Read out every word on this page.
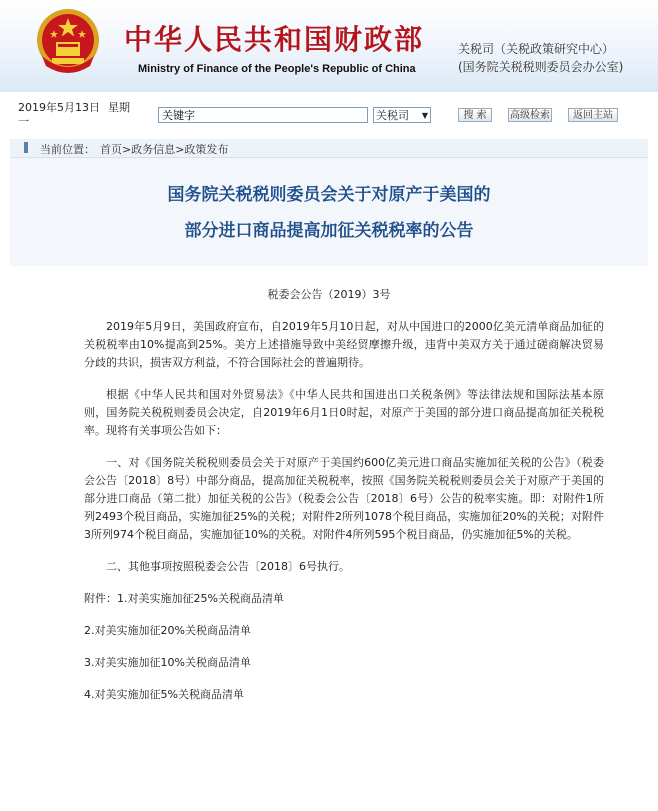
中华人民共和国财政部
Ministry of Finance of the People's Republic of China
关税司（关税政策研究中心）
(国务院关税税则委员会办公室)
2019年5月13日 星期
一
关键字	关税司 ▼	搜 索	高级检索	返回主站
当前位置： 首页>政务信息>政策发布
国务院关税税则委员会关于对原产于美国的
部分进口商品提高加征关税税率的公告
税委会公告（2019）3号

2019年5月9日，美国政府宣布，自2019年5月10日起，对从中国进口的2000亿美元清单商品加征的关税税率由10%提高到25%。美方上述措施导致中美经贸摩擦升级，违背中美双方关于通过磋商解决贸易分歧的共识，损害双方利益，不符合国际社会的普遍期待。

根据《中华人民共和国对外贸易法》《中华人民共和国进出口关税条例》等法律法规和国际法基本原则，国务院关税税则委员会决定，自2019年6月1日0时起，对原产于美国的部分进口商品提高加征关税税率。现将有关事项公告如下：

一、对《国务院关税税则委员会关于对原产于美国约600亿美元进口商品实施加征关税的公告》（税委会公告〔2018〕8号）中部分商品，提高加征关税税率，按照《国务院关税税则委员会关于对原产于美国的部分进口商品（第二批）加征关税的公告》（税委会公告〔2018〕6号）公告的税率实施。即：对附件1所列2493个税目商品，实施加征25%的关税；对附件2所列1078个税目商品，实施加征20%的关税；对附件3所列974个税目商品，实施加征10%的关税。对附件4所列595个税目商品，仍实施加征5%的关税。

二、其他事项按照税委会公告〔2018〕6号执行。

附件：1.对美实施加征25%关税商品清单

2.对美实施加征20%关税商品清单

3.对美实施加征10%关税商品清单

4.对美实施加征5%关税商品清单
